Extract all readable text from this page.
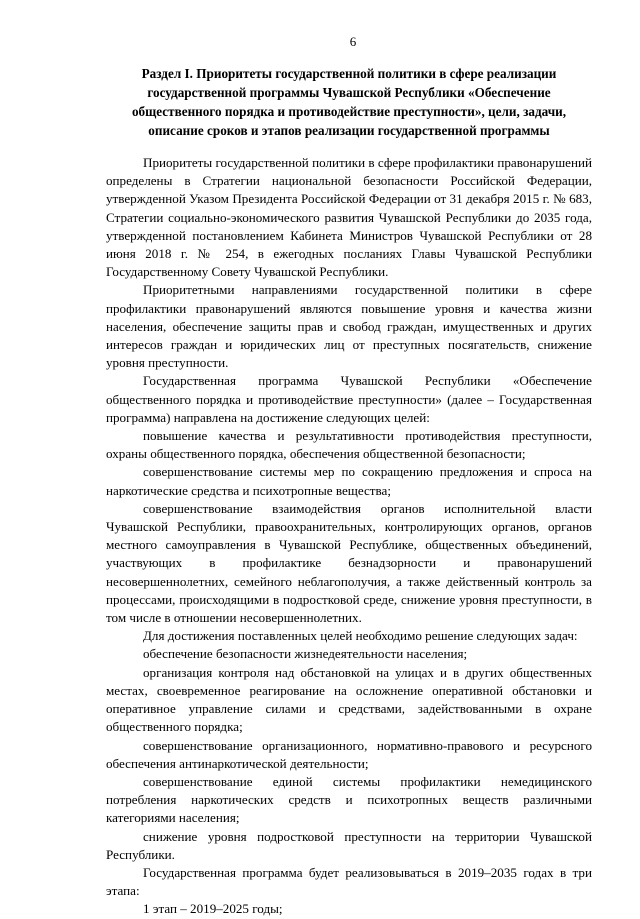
6
Раздел I. Приоритеты государственной политики в сфере реализации государственной программы Чувашской Республики «Обеспечение общественного порядка и противодействие преступности», цели, задачи, описание сроков и этапов реализации государственной программы

Приоритеты государственной политики в сфере профилактики правонарушений определены в Стратегии национальной безопасности Российской Федерации, утвержденной Указом Президента Российской Федерации от 31 декабря 2015 г. № 683, Стратегии социально-экономического развития Чувашской Республики до 2035 года, утвержденной постановлением Кабинета Министров Чувашской Республики от 28 июня 2018 г. № 254, в ежегодных посланиях Главы Чувашской Республики Государственному Совету Чувашской Республики.

Приоритетными направлениями государственной политики в сфере профилактики правонарушений являются повышение уровня и качества жизни населения, обеспечение защиты прав и свобод граждан, имущественных и других интересов граждан и юридических лиц от преступных посягательств, снижение уровня преступности.

Государственная программа Чувашской Республики «Обеспечение общественного порядка и противодействие преступности» (далее – Государственная программа) направлена на достижение следующих целей:

повышение качества и результативности противодействия преступности, охраны общественного порядка, обеспечения общественной безопасности;

совершенствование системы мер по сокращению предложения и спроса на наркотические средства и психотропные вещества;

совершенствование взаимодействия органов исполнительной власти Чувашской Республики, правоохранительных, контролирующих органов, органов местного самоуправления в Чувашской Республике, общественных объединений, участвующих в профилактике безнадзорности и правонарушений несовершеннолетних, семейного неблагополучия, а также действенный контроль за процессами, происходящими в подростковой среде, снижение уровня преступности, в том числе в отношении несовершеннолетних.

Для достижения поставленных целей необходимо решение следующих задач:

обеспечение безопасности жизнедеятельности населения;

организация контроля над обстановкой на улицах и в других общественных местах, своевременное реагирование на осложнение оперативной обстановки и оперативное управление силами и средствами, задействованными в охране общественного порядка;

совершенствование организационного, нормативно-правового и ресурсного обеспечения антинаркотической деятельности;

совершенствование единой системы профилактики немедицинского потребления наркотических средств и психотропных веществ различными категориями населения;

снижение уровня подростковой преступности на территории Чувашской Республики.

Государственная программа будет реализовываться в 2019–2035 годах в три этапа:

1 этап – 2019–2025 годы;
